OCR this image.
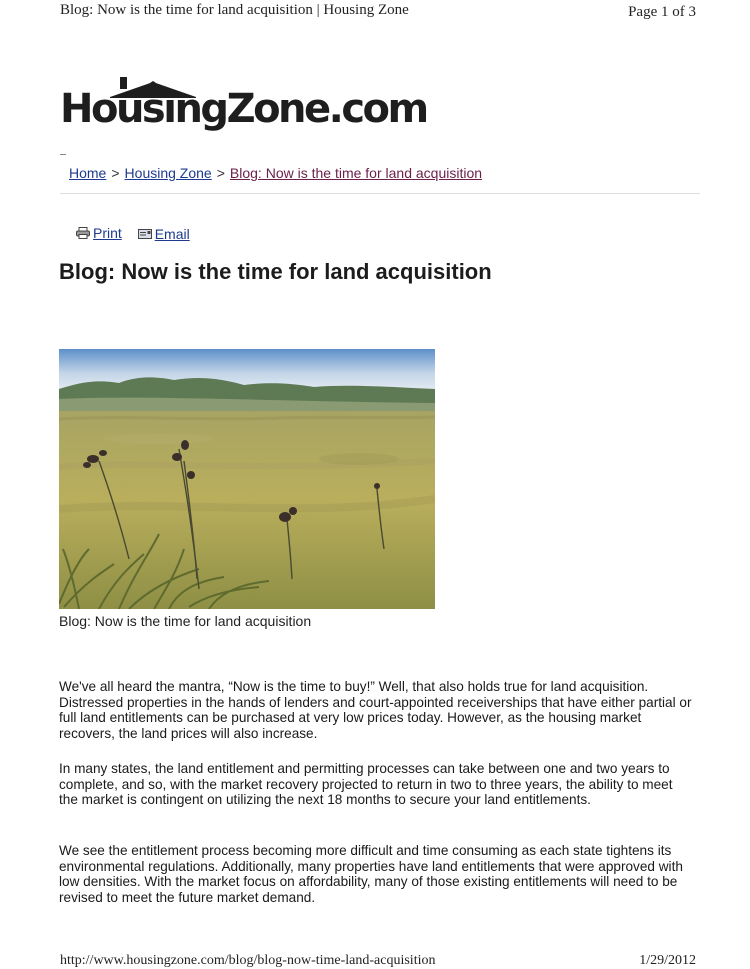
Blog: Now is the time for land acquisition | Housing Zone	Page 1 of 3
HousingZone.com
Home > Housing Zone > Blog: Now is the time for land acquisition
Print
Email
Blog: Now is the time for land acquisition
Blog: Now is the time for land acquisition

We've all heard the mantra, “Now is the time to buy!” Well, that also holds true for land acquisition. Distressed properties in the hands of lenders and court-appointed receiverships that have either partial or full land entitlements can be purchased at very low prices today. However, as the housing market recovers, the land prices will also increase.

In many states, the land entitlement and permitting processes can take between one and two years to complete, and so, with the market recovery projected to return in two to three years, the ability to meet the market is contingent on utilizing the next 18 months to secure your land entitlements.

We see the entitlement process becoming more difficult and time consuming as each state tightens its environmental regulations. Additionally, many properties have land entitlements that were approved with low densities. With the market focus on affordability, many of those existing entitlements will need to be revised to meet the future market demand.

http://www.housingzone.com/blog/blog-now-time-land-acquisition	1/29/2012
